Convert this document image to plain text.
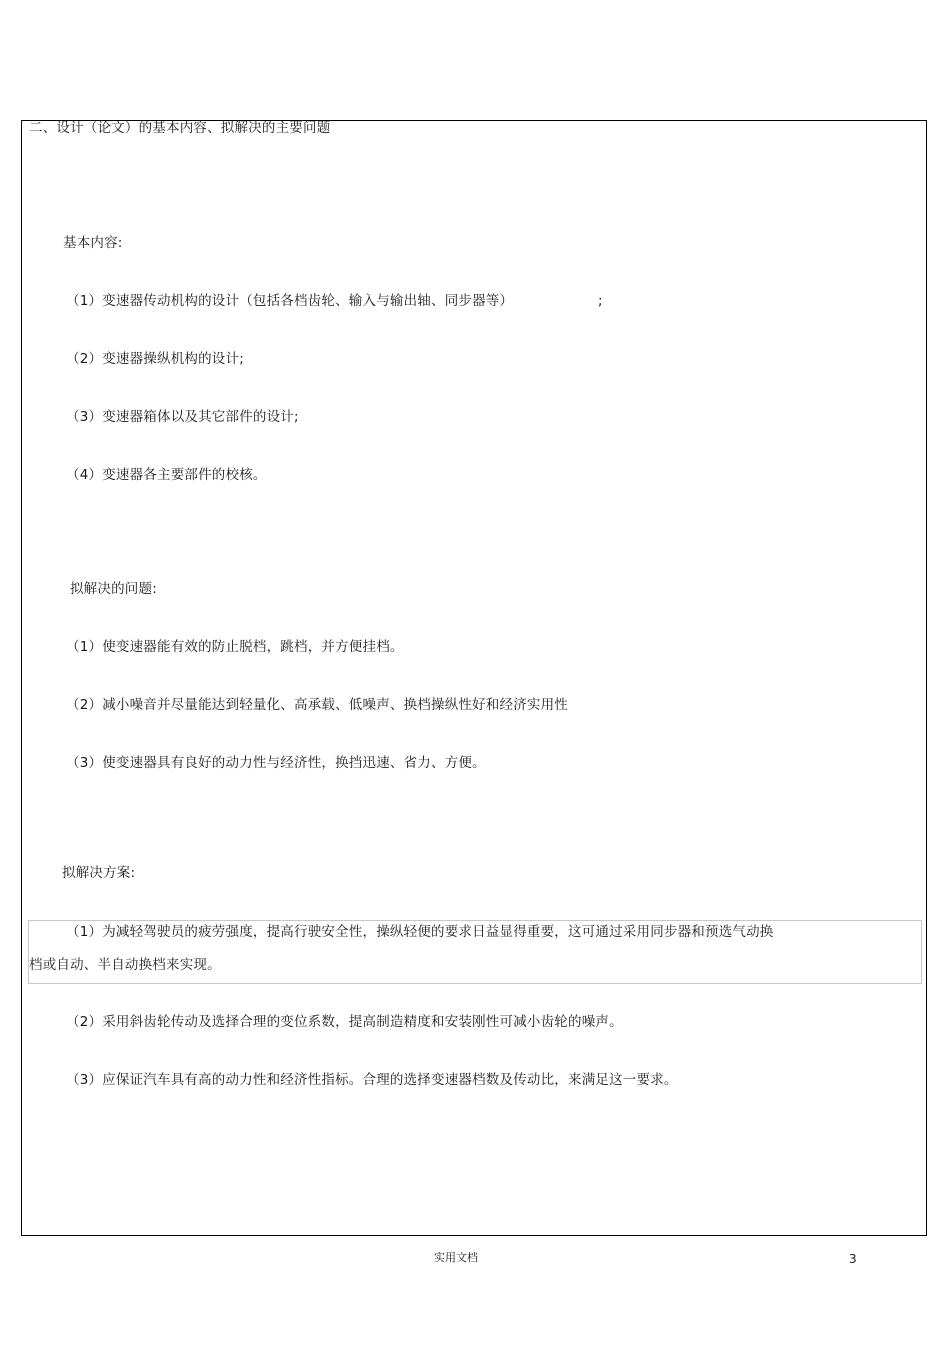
二、设计（论文）的基本内容、拟解决的主要问题
基本内容:
（1）变速器传动机构的设计（包括各档齿轮、输入与输出轴、同步器等）	;
（2）变速器操纵机构的设计;
（3）变速器箱体以及其它部件的设计;
（4）变速器各主要部件的校核。
拟解决的问题:
（1）使变速器能有效的防止脱档，跳档，并方便挂档。
（2）减小噪音并尽量能达到轻量化、高承载、低噪声、换档操纵性好和经济实用性
（3）使变速器具有良好的动力性与经济性，换挡迅速、省力、方便。
拟解决方案:
（1）为减轻驾驶员的疲劳强度，提高行驶安全性，操纵轻便的要求日益显得重要，这可通过采用同步器和预选气动换
档或自动、半自动换档来实现。
（2）采用斜齿轮传动及选择合理的变位系数，提高制造精度和安装刚性可减小齿轮的噪声。
（3）应保证汽车具有高的动力性和经济性指标。合理的选择变速器档数及传动比，来满足这一要求。
实用文档	3
